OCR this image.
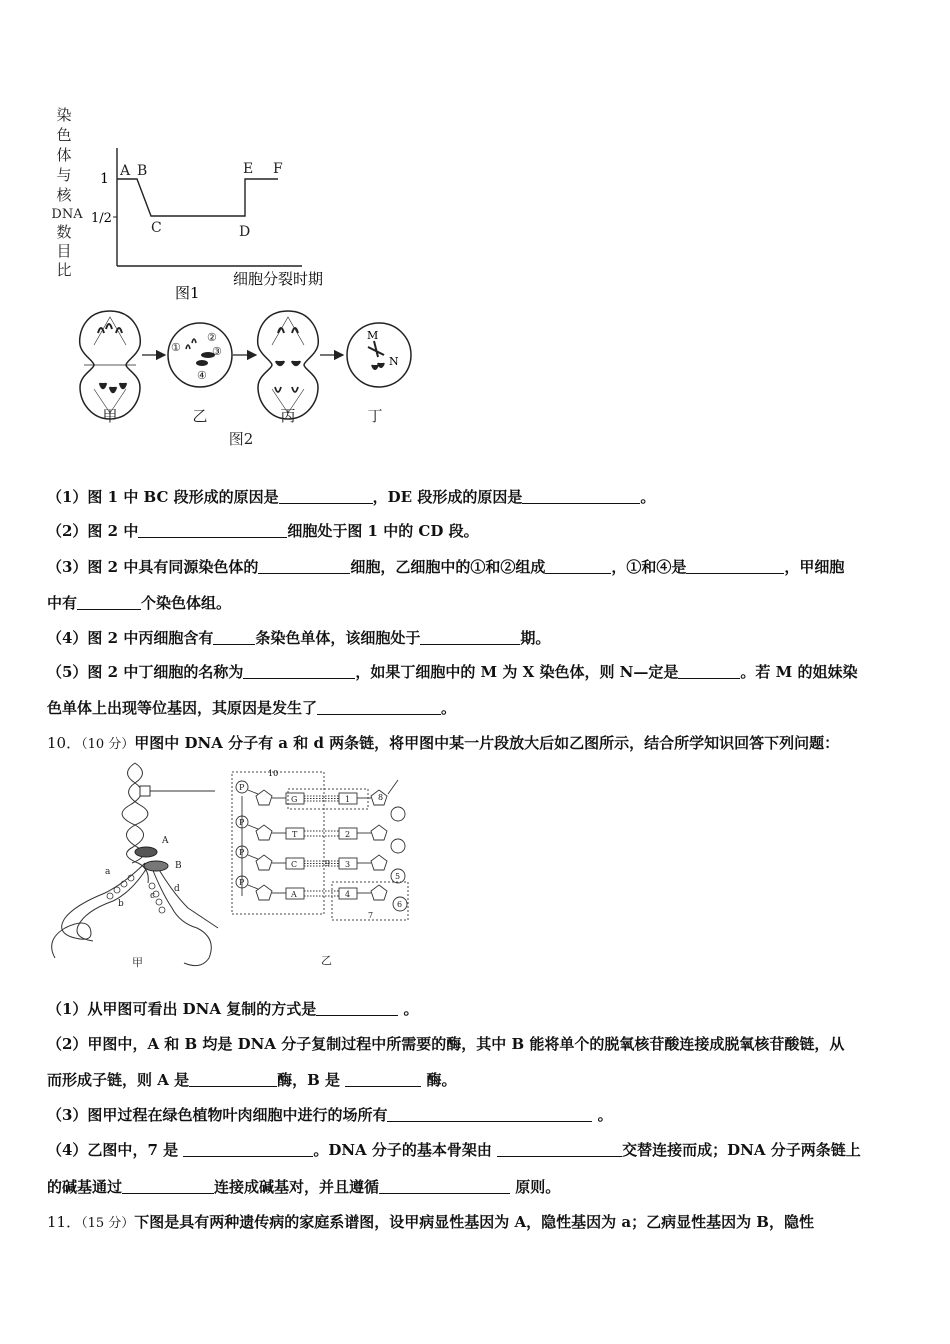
染
色
体
与
核
DNA
数
目
比
1
1/2
A B
C	D
E F
细胞分裂时期
图1
①
②
③
④
M
N
甲	乙	丙	丁
图2
（1）图 1 中 BC 段形成的原因是	，DE 段形成的原因是	。
（2）图 2 中	细胞处于图 1 中的 CD 段。
（3）图 2 中具有同源染色体的	细胞，乙细胞中的①和②组成	，①和④是	，甲细胞
中有	个染色体组。
（4）图 2 中丙细胞含有	条染色单体，该细胞处于	期。
（5）图 2 中丁细胞的名称为	，如果丁细胞中的 M 为 X 染色体，则 N—定是	。若 M 的姐妹染
色单体上出现等位基因，其原因是发生了	。
10．（10 分）甲图中 DNA 分子有 a 和 d 两条链，将甲图中某一片段放大后如乙图所示，结合所学知识回答下列问题：
A
B
a
b
c
d
甲
10
P
P
P
P
G
T
C
A
1
2
3
4
8
9
5
6
7
乙
（1）从甲图可看出 DNA 复制的方式是	。
（2）甲图中，A 和 B 均是 DNA 分子复制过程中所需要的酶，其中 B 能将单个的脱氧核苷酸连接成脱氧核苷酸链，从
而形成子链，则 A 是	酶，B 是	酶。
（3）图甲过程在绿色植物叶肉细胞中进行的场所有	。
（4）乙图中，7 是	。DNA 分子的基本骨架由	交替连接而成；DNA 分子两条链上
的碱基通过	连接成碱基对，并且遵循	原则。
11．（15 分）下图是具有两种遗传病的家庭系谱图，设甲病显性基因为 A，隐性基因为 a；乙病显性基因为 B，隐性
